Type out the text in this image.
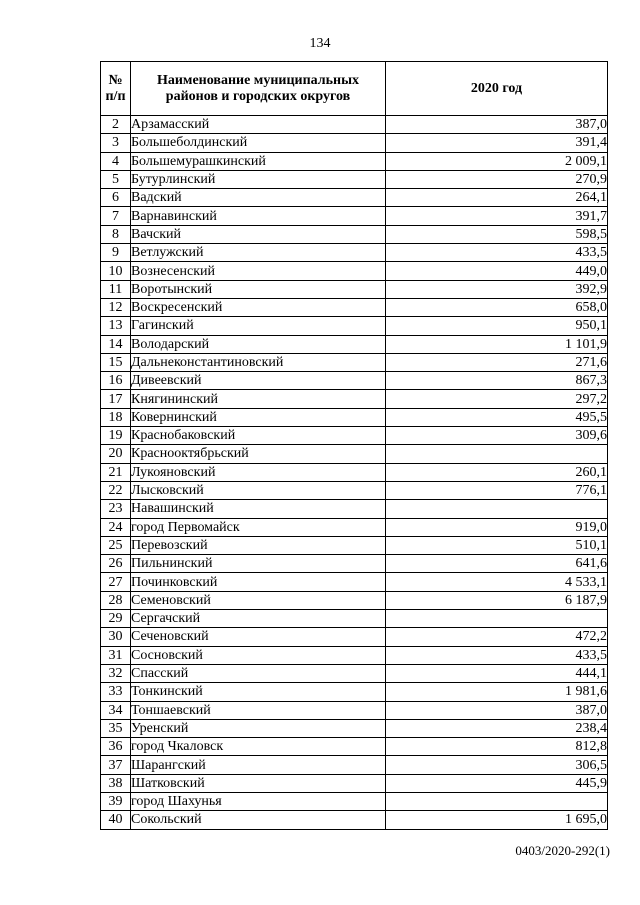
134
№ п/п	Наименование муниципальных районов и городских округов	2020 год
2	Арзамасский	387,0
3	Большеболдинский	391,4
4	Большемурашкинский	2 009,1
5	Бутурлинский	270,9
6	Вадский	264,1
7	Варнавинский	391,7
8	Вачский	598,5
9	Ветлужский	433,5
10	Вознесенский	449,0
11	Воротынский	392,9
12	Воскресенский	658,0
13	Гагинский	950,1
14	Володарский	1 101,9
15	Дальнеконстантиновский	271,6
16	Дивеевский	867,3
17	Княгининский	297,2
18	Ковернинский	495,5
19	Краснобаковский	309,6
20	Краснооктябрьский	
21	Лукояновский	260,1
22	Лысковский	776,1
23	Навашинский	
24	город Первомайск	919,0
25	Перевозский	510,1
26	Пильнинский	641,6
27	Починковский	4 533,1
28	Семеновский	6 187,9
29	Сергачский	
30	Сеченовский	472,2
31	Сосновский	433,5
32	Спасский	444,1
33	Тонкинский	1 981,6
34	Тоншаевский	387,0
35	Уренский	238,4
36	город Чкаловск	812,8
37	Шарангский	306,5
38	Шатковский	445,9
39	город Шахунья	
40	Сокольский	1 695,0
0403/2020-292(1)
